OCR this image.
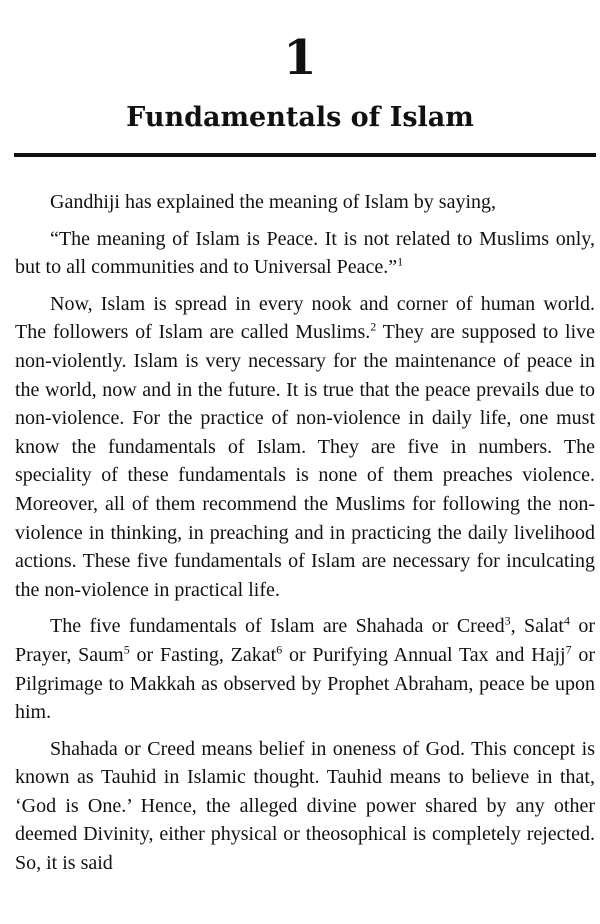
1
Fundamentals of Islam

Gandhiji has explained the meaning of Islam by saying,

“The meaning of Islam is Peace. It is not related to Muslims only, but to all communities and to Universal Peace.”$^1$

Now, Islam is spread in every nook and corner of human world. The followers of Islam are called Muslims.$^2$ They are supposed to live non-violently. Islam is very necessary for the maintenance of peace in the world, now and in the future. It is true that the peace prevails due to non-violence. For the practice of non-violence in daily life, one must know the fundamentals of Islam. They are five in numbers. The speciality of these fundamentals is none of them preaches violence. Moreover, all of them recommend the Muslims for following the non-violence in thinking, in preaching and in practicing the daily livelihood actions. These five fundamentals of Islam are necessary for inculcating the non-violence in practical life.

The five fundamentals of Islam are Shahada or Creed$^3$, Salat$^4$ or Prayer, Saum$^5$ or Fasting, Zakat$^6$ or Purifying Annual Tax and Hajj$^7$ or Pilgrimage to Makkah as observed by Prophet Abraham, peace be upon him.

Shahada or Creed means belief in oneness of God. This concept is known as Tauhid in Islamic thought. Tauhid means to believe in that, ‘God is One.’ Hence, the alleged divine power shared by any other deemed Divinity, either physical or theosophical is completely rejected. So, it is said
